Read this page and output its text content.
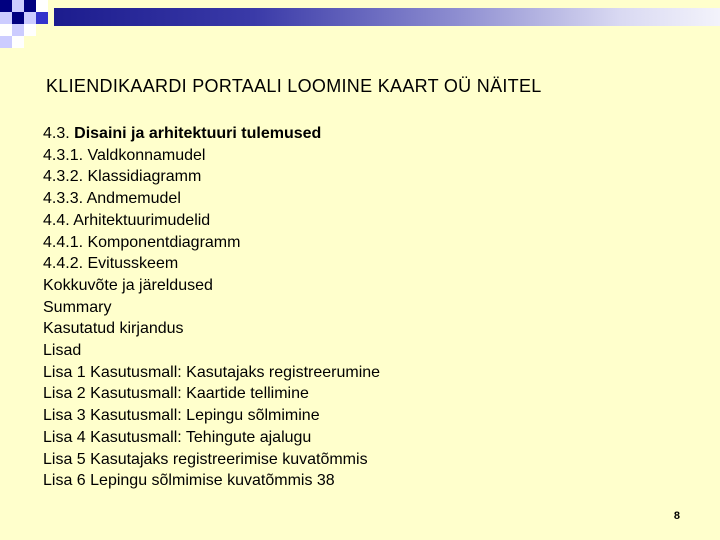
KLIENDIKAARDI PORTAALI LOOMINE KAART OÜ NÄITEL
4.3. Disaini ja arhitektuuri tulemused
4.3.1. Valdkonnamudel
4.3.2. Klassidiagramm
4.3.3. Andmemudel
4.4. Arhitektuurimudelid
4.4.1. Komponentdiagramm
4.4.2. Evitusskeem
Kokkuvõte ja järeldused
Summary
Kasutatud kirjandus
Lisad
Lisa 1 Kasutusmall: Kasutajaks registreerumine
Lisa 2 Kasutusmall: Kaartide tellimine
Lisa 3 Kasutusmall: Lepingu sõlmimine
Lisa 4 Kasutusmall: Tehingute ajalugu
Lisa 5 Kasutajaks registreerimise kuvatõmmis
Lisa 6 Lepingu sõlmimise kuvatõmmis 38
8
